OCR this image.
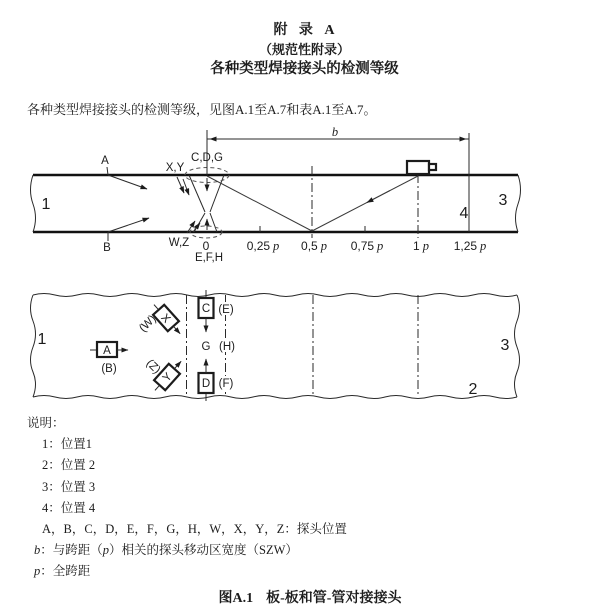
附 录 A
（规范性附录）
各种类型焊接接头的检测等级

各种类型焊接接头的检测等级，见图A.1至A.7和表A.1至A.7。

b
A
B
X,Y
C,D,G
W,Z
E,F,H
0	0,25 p 0,5 p 0,75 p 1 p 1,25 p
1	3
4
A
(B)
X
(W)
Y
(Z)
C (E)
G (H)
D (F)
1	3
2
说明：
1：位置1
2：位置 2
3：位置 3
4：位置 4
A，B，C，D，E，F，G，H，W，X，Y，Z：探头位置
b：与跨距（p）相关的探头移动区宽度（SZW）
p：全跨距
图A.1 板-板和管-管对接接头
